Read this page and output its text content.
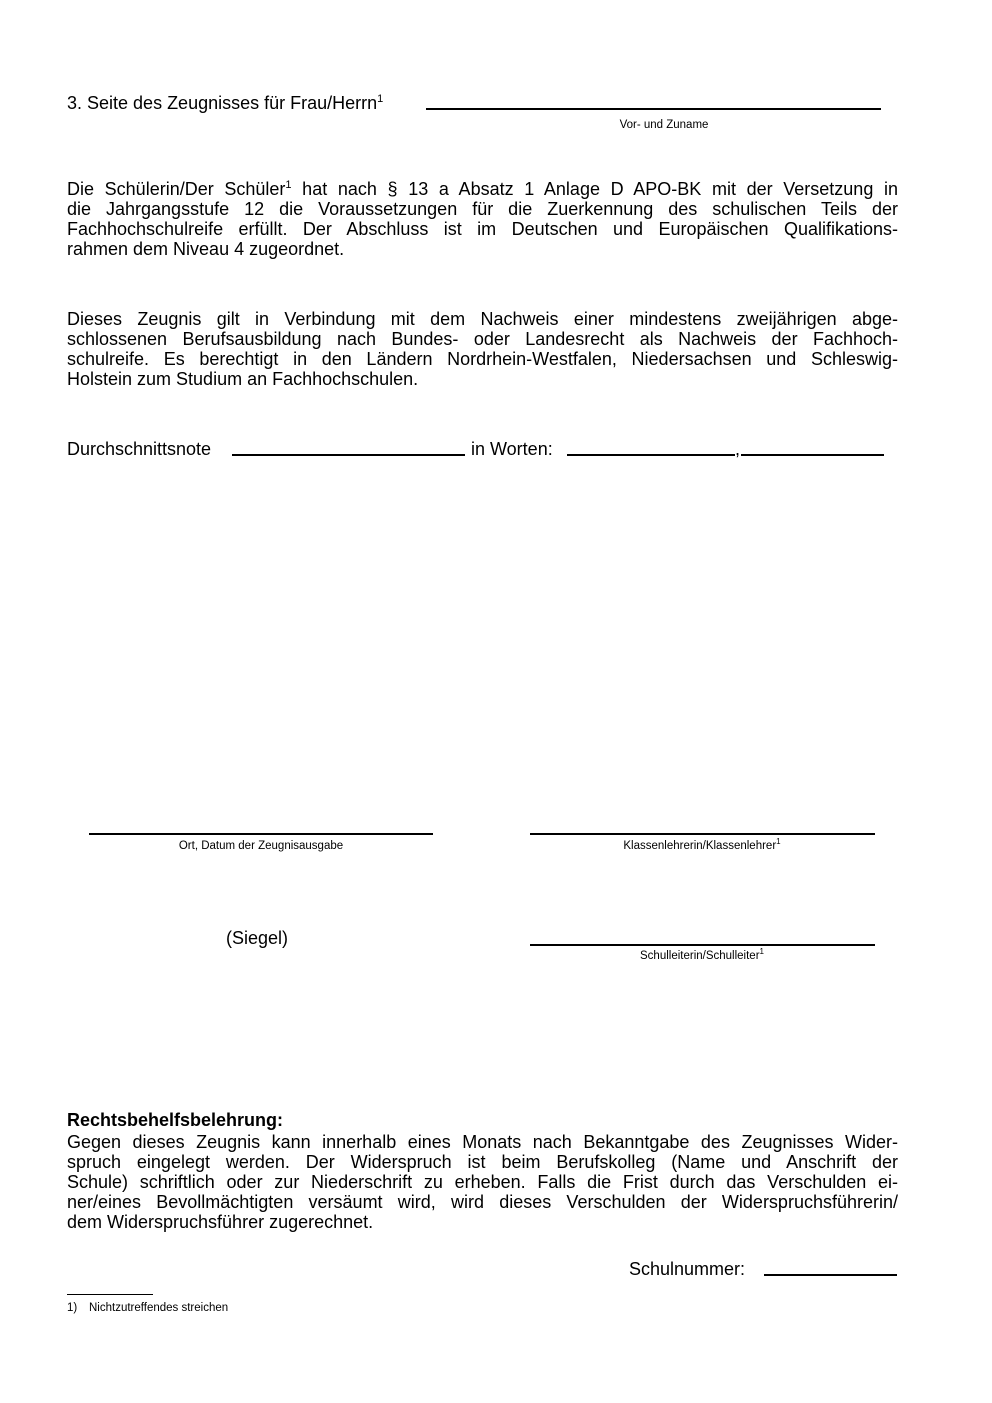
3. Seite des Zeugnisses für Frau/Herrn$^1$
Vor- und Zuname
Die Schülerin/Der Schüler$^1$ hat nach § 13 a Absatz 1 Anlage D APO-BK mit der Versetzung in
die Jahrgangsstufe 12 die Voraussetzungen für die Zuerkennung des schulischen Teils der
Fachhochschulreife erfüllt. Der Abschluss ist im Deutschen und Europäischen Qualifikations-
rahmen dem Niveau 4 zugeordnet.
Dieses Zeugnis gilt in Verbindung mit dem Nachweis einer mindestens zweijährigen abge-
schlossenen Berufsausbildung nach Bundes- oder Landesrecht als Nachweis der Fachhoch-
schulreife. Es berechtigt in den Ländern Nordrhein-Westfalen, Niedersachsen und Schleswig-
Holstein zum Studium an Fachhochschulen.
Durchschnittsnote	in Worten:	,
Ort, Datum der Zeugnisausgabe	Klassenlehrerin/Klassenlehrer$^1$
(Siegel)
Schulleiterin/Schulleiter$^1$
Rechtsbehelfsbelehrung:
Gegen dieses Zeugnis kann innerhalb eines Monats nach Bekanntgabe des Zeugnisses Wider-
spruch eingelegt werden. Der Widerspruch ist beim Berufskolleg (Name und Anschrift der
Schule) schriftlich oder zur Niederschrift zu erheben. Falls die Frist durch das Verschulden ei-
ner/eines Bevollmächtigten versäumt wird, wird dieses Verschulden der Widerspruchsführerin/
dem Widerspruchsführer zugerechnet.
Schulnummer:
1) Nichtzutreffendes streichen
